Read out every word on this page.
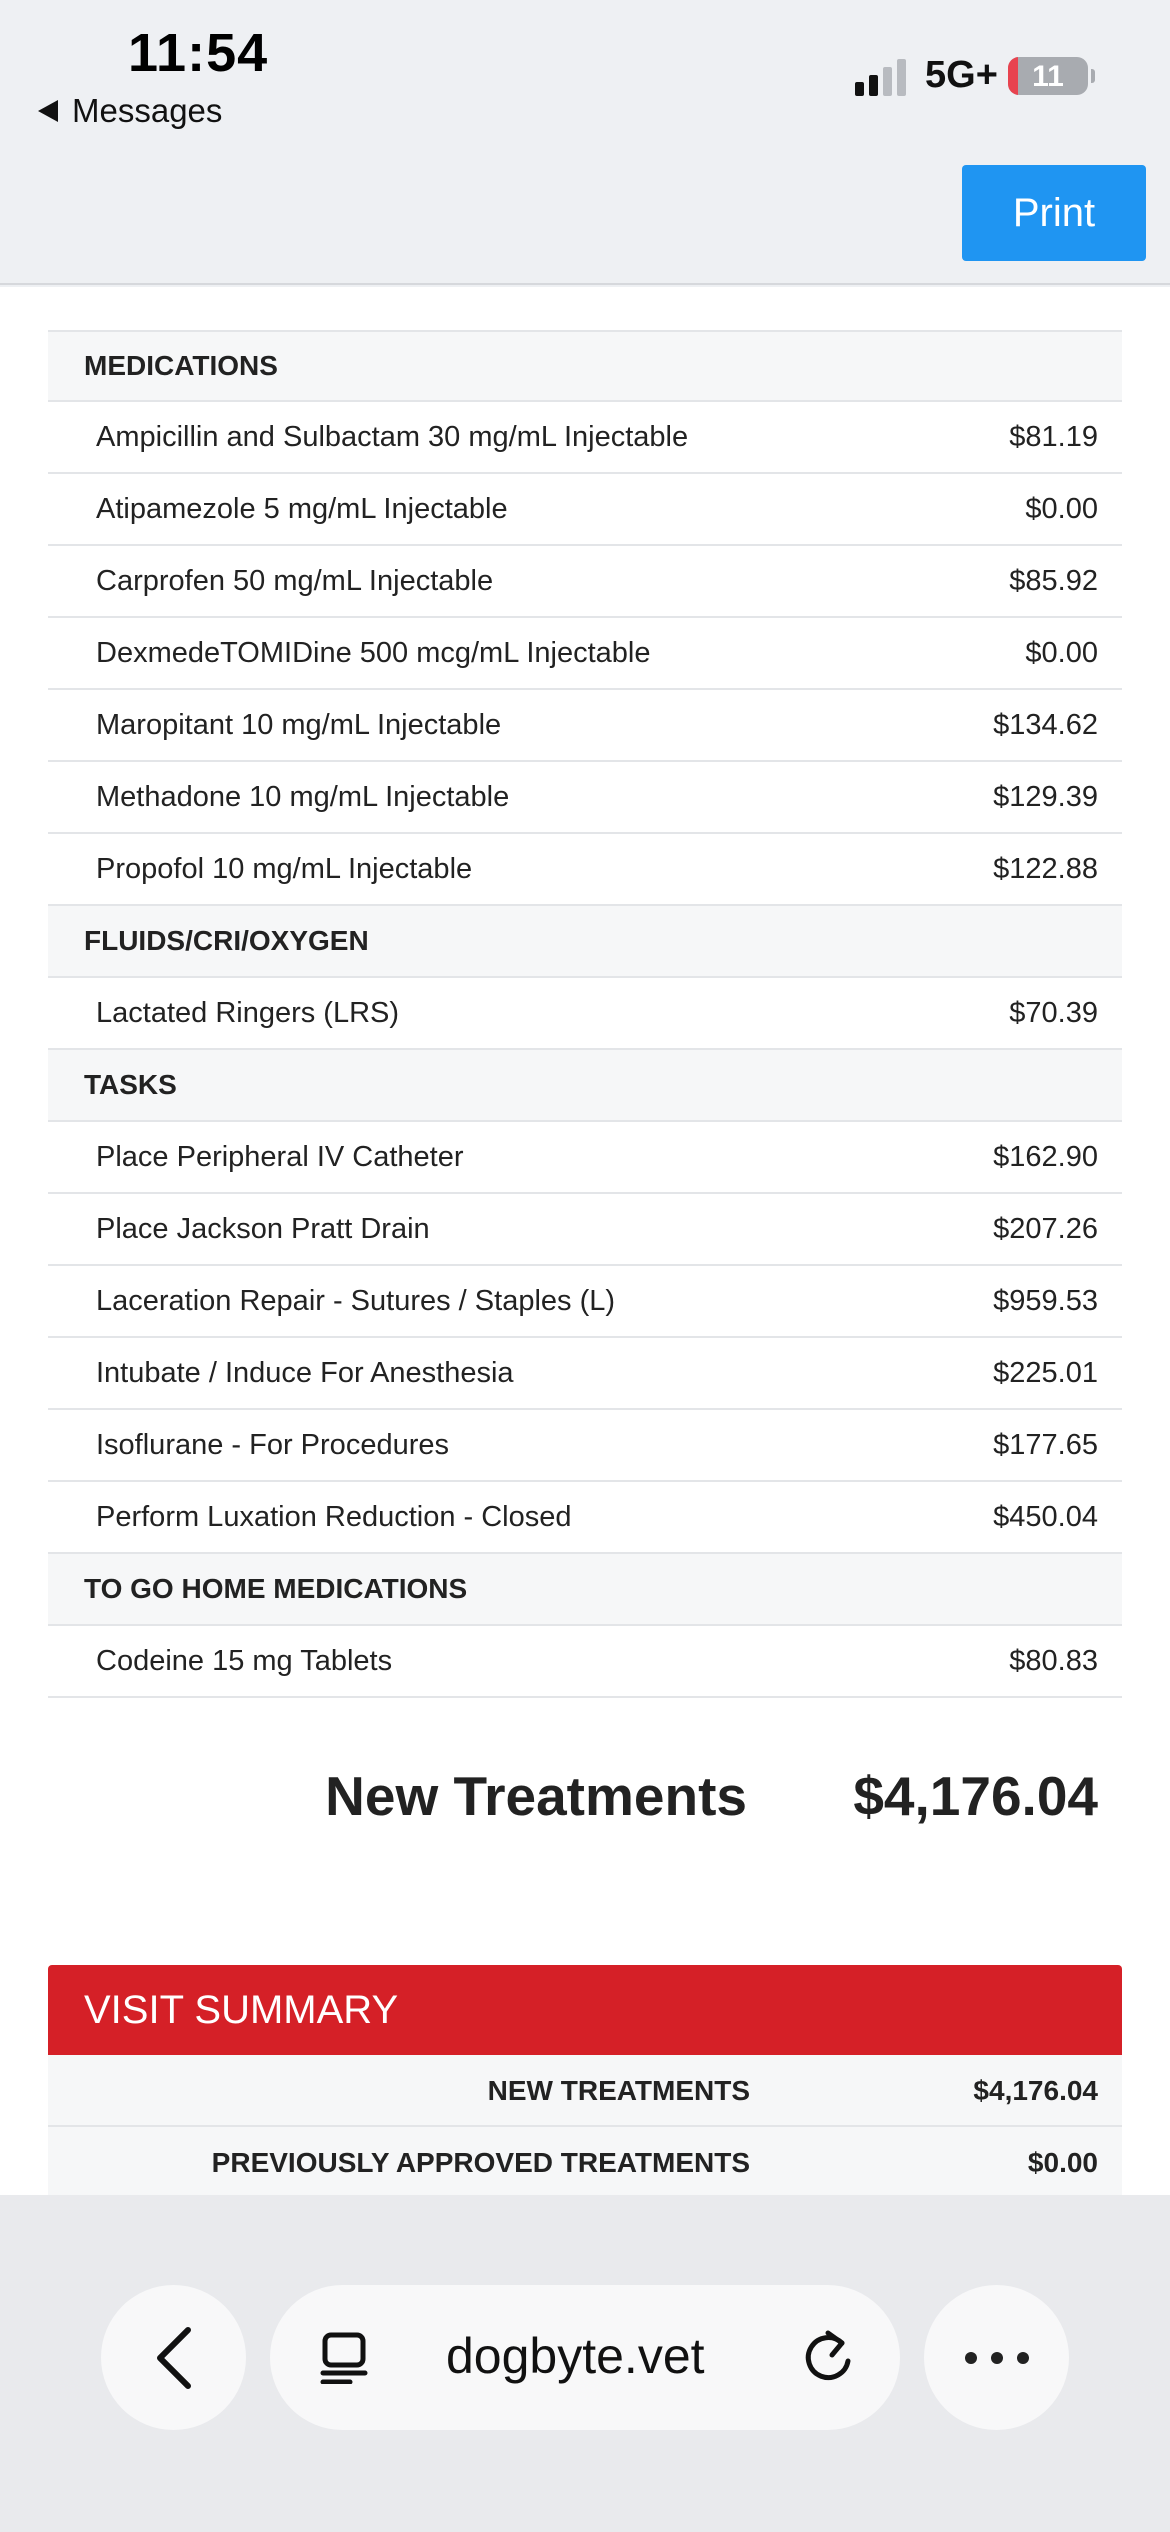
11:54
Messages
5G+	11
Print
MEDICATIONS
Ampicillin and Sulbactam 30 mg/mL Injectable	$81.19
Atipamezole 5 mg/mL Injectable	$0.00
Carprofen 50 mg/mL Injectable	$85.92
DexmedeTOMIDine 500 mcg/mL Injectable	$0.00
Maropitant 10 mg/mL Injectable	$134.62
Methadone 10 mg/mL Injectable	$129.39
Propofol 10 mg/mL Injectable	$122.88
FLUIDS/CRI/OXYGEN
Lactated Ringers (LRS)	$70.39
TASKS
Place Peripheral IV Catheter	$162.90
Place Jackson Pratt Drain	$207.26
Laceration Repair - Sutures / Staples (L)	$959.53
Intubate / Induce For Anesthesia	$225.01
Isoflurane - For Procedures	$177.65
Perform Luxation Reduction - Closed	$450.04
TO GO HOME MEDICATIONS
Codeine 15 mg Tablets	$80.83
New Treatments $4,176.04
VISIT SUMMARY
NEW TREATMENTS	$4,176.04
PREVIOUSLY APPROVED TREATMENTS	$0.00
dogbyte.vet
